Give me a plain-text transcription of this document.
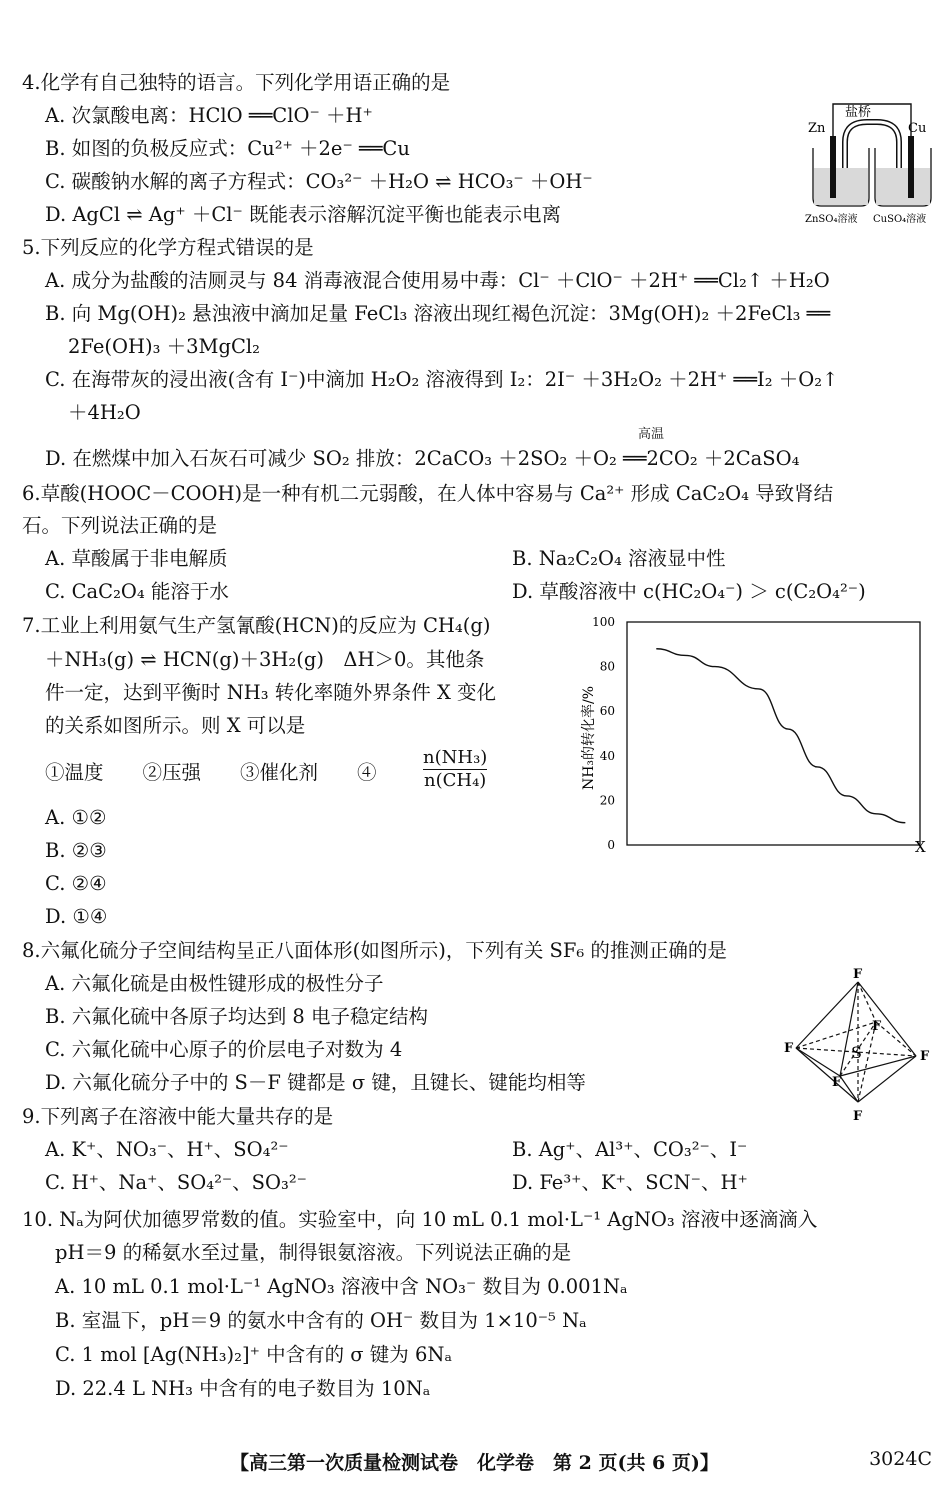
4.化学有自己独特的语言。下列化学用语正确的是
A. 次氯酸电离：HClO ══ClO⁻ ＋H⁺
B. 如图的负极反应式：Cu²⁺ ＋2e⁻ ══Cu
C. 碳酸钠水解的离子方程式：CO₃²⁻ ＋H₂O ⇌ HCO₃⁻ ＋OH⁻
D. AgCl ⇌ Ag⁺ ＋Cl⁻ 既能表示溶解沉淀平衡也能表示电离
盐桥
Zn	Cu
ZnSO₄溶液 CuSO₄溶液
5.下列反应的化学方程式错误的是
A. 成分为盐酸的洁厕灵与 84 消毒液混合使用易中毒：Cl⁻ ＋ClO⁻ ＋2H⁺ ══Cl₂↑ ＋H₂O
B. 向 Mg(OH)₂ 悬浊液中滴加足量 FeCl₃ 溶液出现红褐色沉淀：3Mg(OH)₂ ＋2FeCl₃ ══
2Fe(OH)₃ ＋3MgCl₂
C. 在海带灰的浸出液(含有 I⁻)中滴加 H₂O₂ 溶液得到 I₂：2I⁻ ＋3H₂O₂ ＋2H⁺ ══I₂ ＋O₂↑
＋4H₂O
高温
D. 在燃煤中加入石灰石可减少 SO₂ 排放：2CaCO₃ ＋2SO₂ ＋O₂ ══2CO₂ ＋2CaSO₄
6.草酸(HOOC－COOH)是一种有机二元弱酸，在人体中容易与 Ca²⁺ 形成 CaC₂O₄ 导致肾结
石。下列说法正确的是
A. 草酸属于非电解质	B. Na₂C₂O₄ 溶液显中性
C. CaC₂O₄ 能溶于水	D. 草酸溶液中 c(HC₂O₄⁻) ＞ c(C₂O₄²⁻)
7.工业上利用氨气生产氢氰酸(HCN)的反应为 CH₄(g)
＋NH₃(g) ⇌ HCN(g)＋3H₂(g)　ΔH＞0。其他条
件一定，达到平衡时 NH₃ 转化率随外界条件 X 变化
的关系如图所示。则 X 可以是
①温度　　②压强　　③催化剂　　④
n(NH₃)
n(CH₄)
A. ①②
B. ②③
C. ②④
D. ①④
100
80
60
40
20
0
NH₃的转化率/%
X
8.六氟化硫分子空间结构呈正八面体形(如图所示)，下列有关 SF₆ 的推测正确的是
A. 六氟化硫是由极性键形成的极性分子
B. 六氟化硫中各原子均达到 8 电子稳定结构
C. 六氟化硫中心原子的价层电子对数为 4
D. 六氟化硫分子中的 S－F 键都是 σ 键，且键长、键能均相等
S
F
F
F
F
F
F
9.下列离子在溶液中能大量共存的是
A. K⁺、NO₃⁻、H⁺、SO₄²⁻	B. Ag⁺、Al³⁺、CO₃²⁻、I⁻
C. H⁺、Na⁺、SO₄²⁻、SO₃²⁻	D. Fe³⁺、K⁺、SCN⁻、H⁺
10. Nₐ为阿伏加德罗常数的值。实验室中，向 10 mL 0.1 mol·L⁻¹ AgNO₃ 溶液中逐滴滴入
pH＝9 的稀氨水至过量，制得银氨溶液。下列说法正确的是
A. 10 mL 0.1 mol·L⁻¹ AgNO₃ 溶液中含 NO₃⁻ 数目为 0.001Nₐ
B. 室温下，pH＝9 的氨水中含有的 OH⁻ 数目为 1×10⁻⁵ Nₐ
C. 1 mol [Ag(NH₃)₂]⁺ 中含有的 σ 键为 6Nₐ
D. 22.4 L NH₃ 中含有的电子数目为 10Nₐ
【高三第一次质量检测试卷　化学卷　第 2 页(共 6 页)】	3024C
